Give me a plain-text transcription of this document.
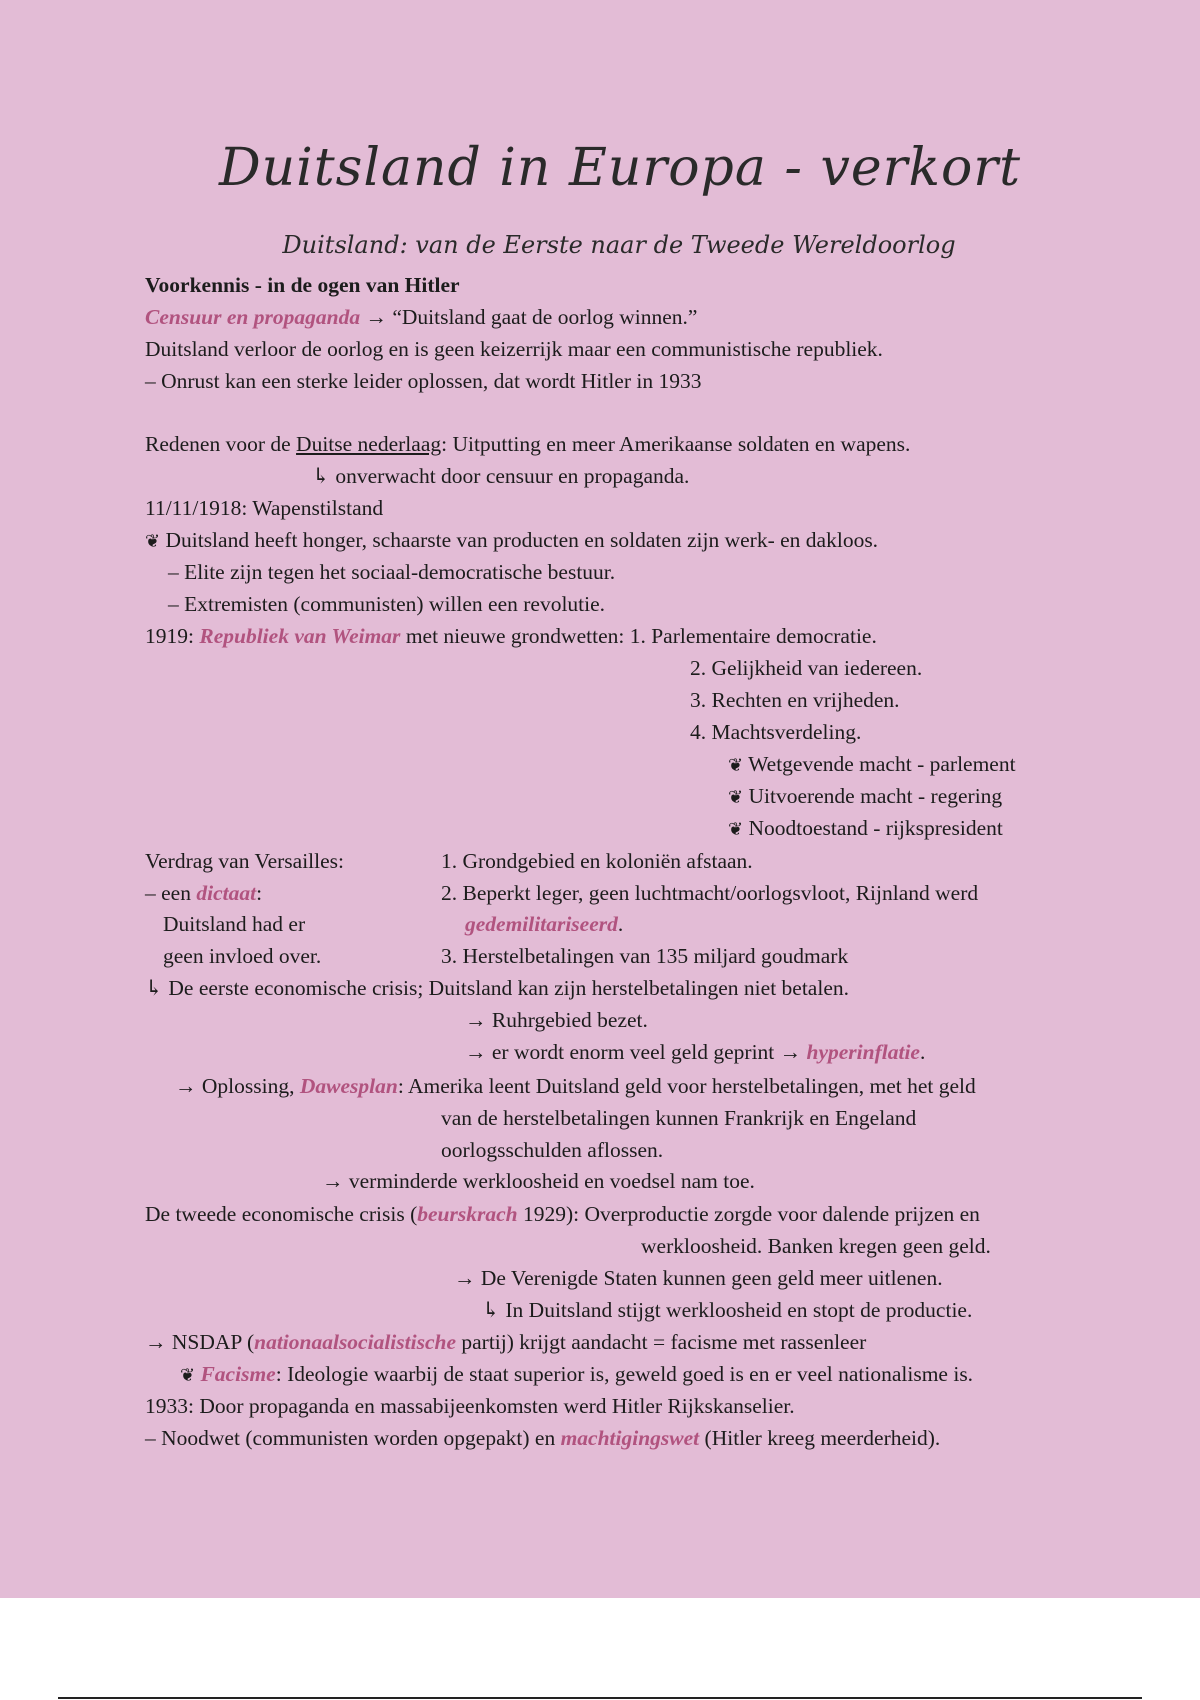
Duitsland in Europa - verkort
Duitsland: van de Eerste naar de Tweede Wereldoorlog
Voorkennis - in de ogen van Hitler
Censuur en propaganda → “Duitsland gaat de oorlog winnen.”
Duitsland verloor de oorlog en is geen keizerrijk maar een communistische republiek.
– Onrust kan een sterke leider oplossen, dat wordt Hitler in 1933
Redenen voor de Duitse nederlaag: Uitputting en meer Amerikaanse soldaten en wapens.
↳ onverwacht door censuur en propaganda.
11/11/1918: Wapenstilstand
❦ Duitsland heeft honger, schaarste van producten en soldaten zijn werk- en dakloos.
– Elite zijn tegen het sociaal-democratische bestuur.
– Extremisten (communisten) willen een revolutie.
1919: Republiek van Weimar met nieuwe grondwetten: 1. Parlementaire democratie.
2. Gelijkheid van iedereen.
3. Rechten en vrijheden.
4. Machtsverdeling.
❦ Wetgevende macht - parlement
❦ Uitvoerende macht - regering
❦ Noodtoestand - rijkspresident
Verdrag van Versailles:	1. Grondgebied en koloniën afstaan.
– een dictaat:	2. Beperkt leger, geen luchtmacht/oorlogsvloot, Rijnland werd
Duitsland had er	gedemilitariseerd.
geen invloed over.	3. Herstelbetalingen van 135 miljard goudmark
↳ De eerste economische crisis; Duitsland kan zijn herstelbetalingen niet betalen.
→ Ruhrgebied bezet.
→ er wordt enorm veel geld geprint → hyperinflatie.
→ Oplossing, Dawesplan: Amerika leent Duitsland geld voor herstelbetalingen, met het geld
van de herstelbetalingen kunnen Frankrijk en Engeland
oorlogsschulden aflossen.
→ verminderde werkloosheid en voedsel nam toe.
De tweede economische crisis (beurskrach 1929): Overproductie zorgde voor dalende prijzen en
werkloosheid. Banken kregen geen geld.
→ De Verenigde Staten kunnen geen geld meer uitlenen.
↳ In Duitsland stijgt werkloosheid en stopt de productie.
→ NSDAP (nationaalsocialistische partij) krijgt aandacht = facisme met rassenleer
❦ Facisme: Ideologie waarbij de staat superior is, geweld goed is en er veel nationalisme is.
1933: Door propaganda en massabijeenkomsten werd Hitler Rijkskanselier.
– Noodwet (communisten worden opgepakt) en machtigingswet (Hitler kreeg meerderheid).
